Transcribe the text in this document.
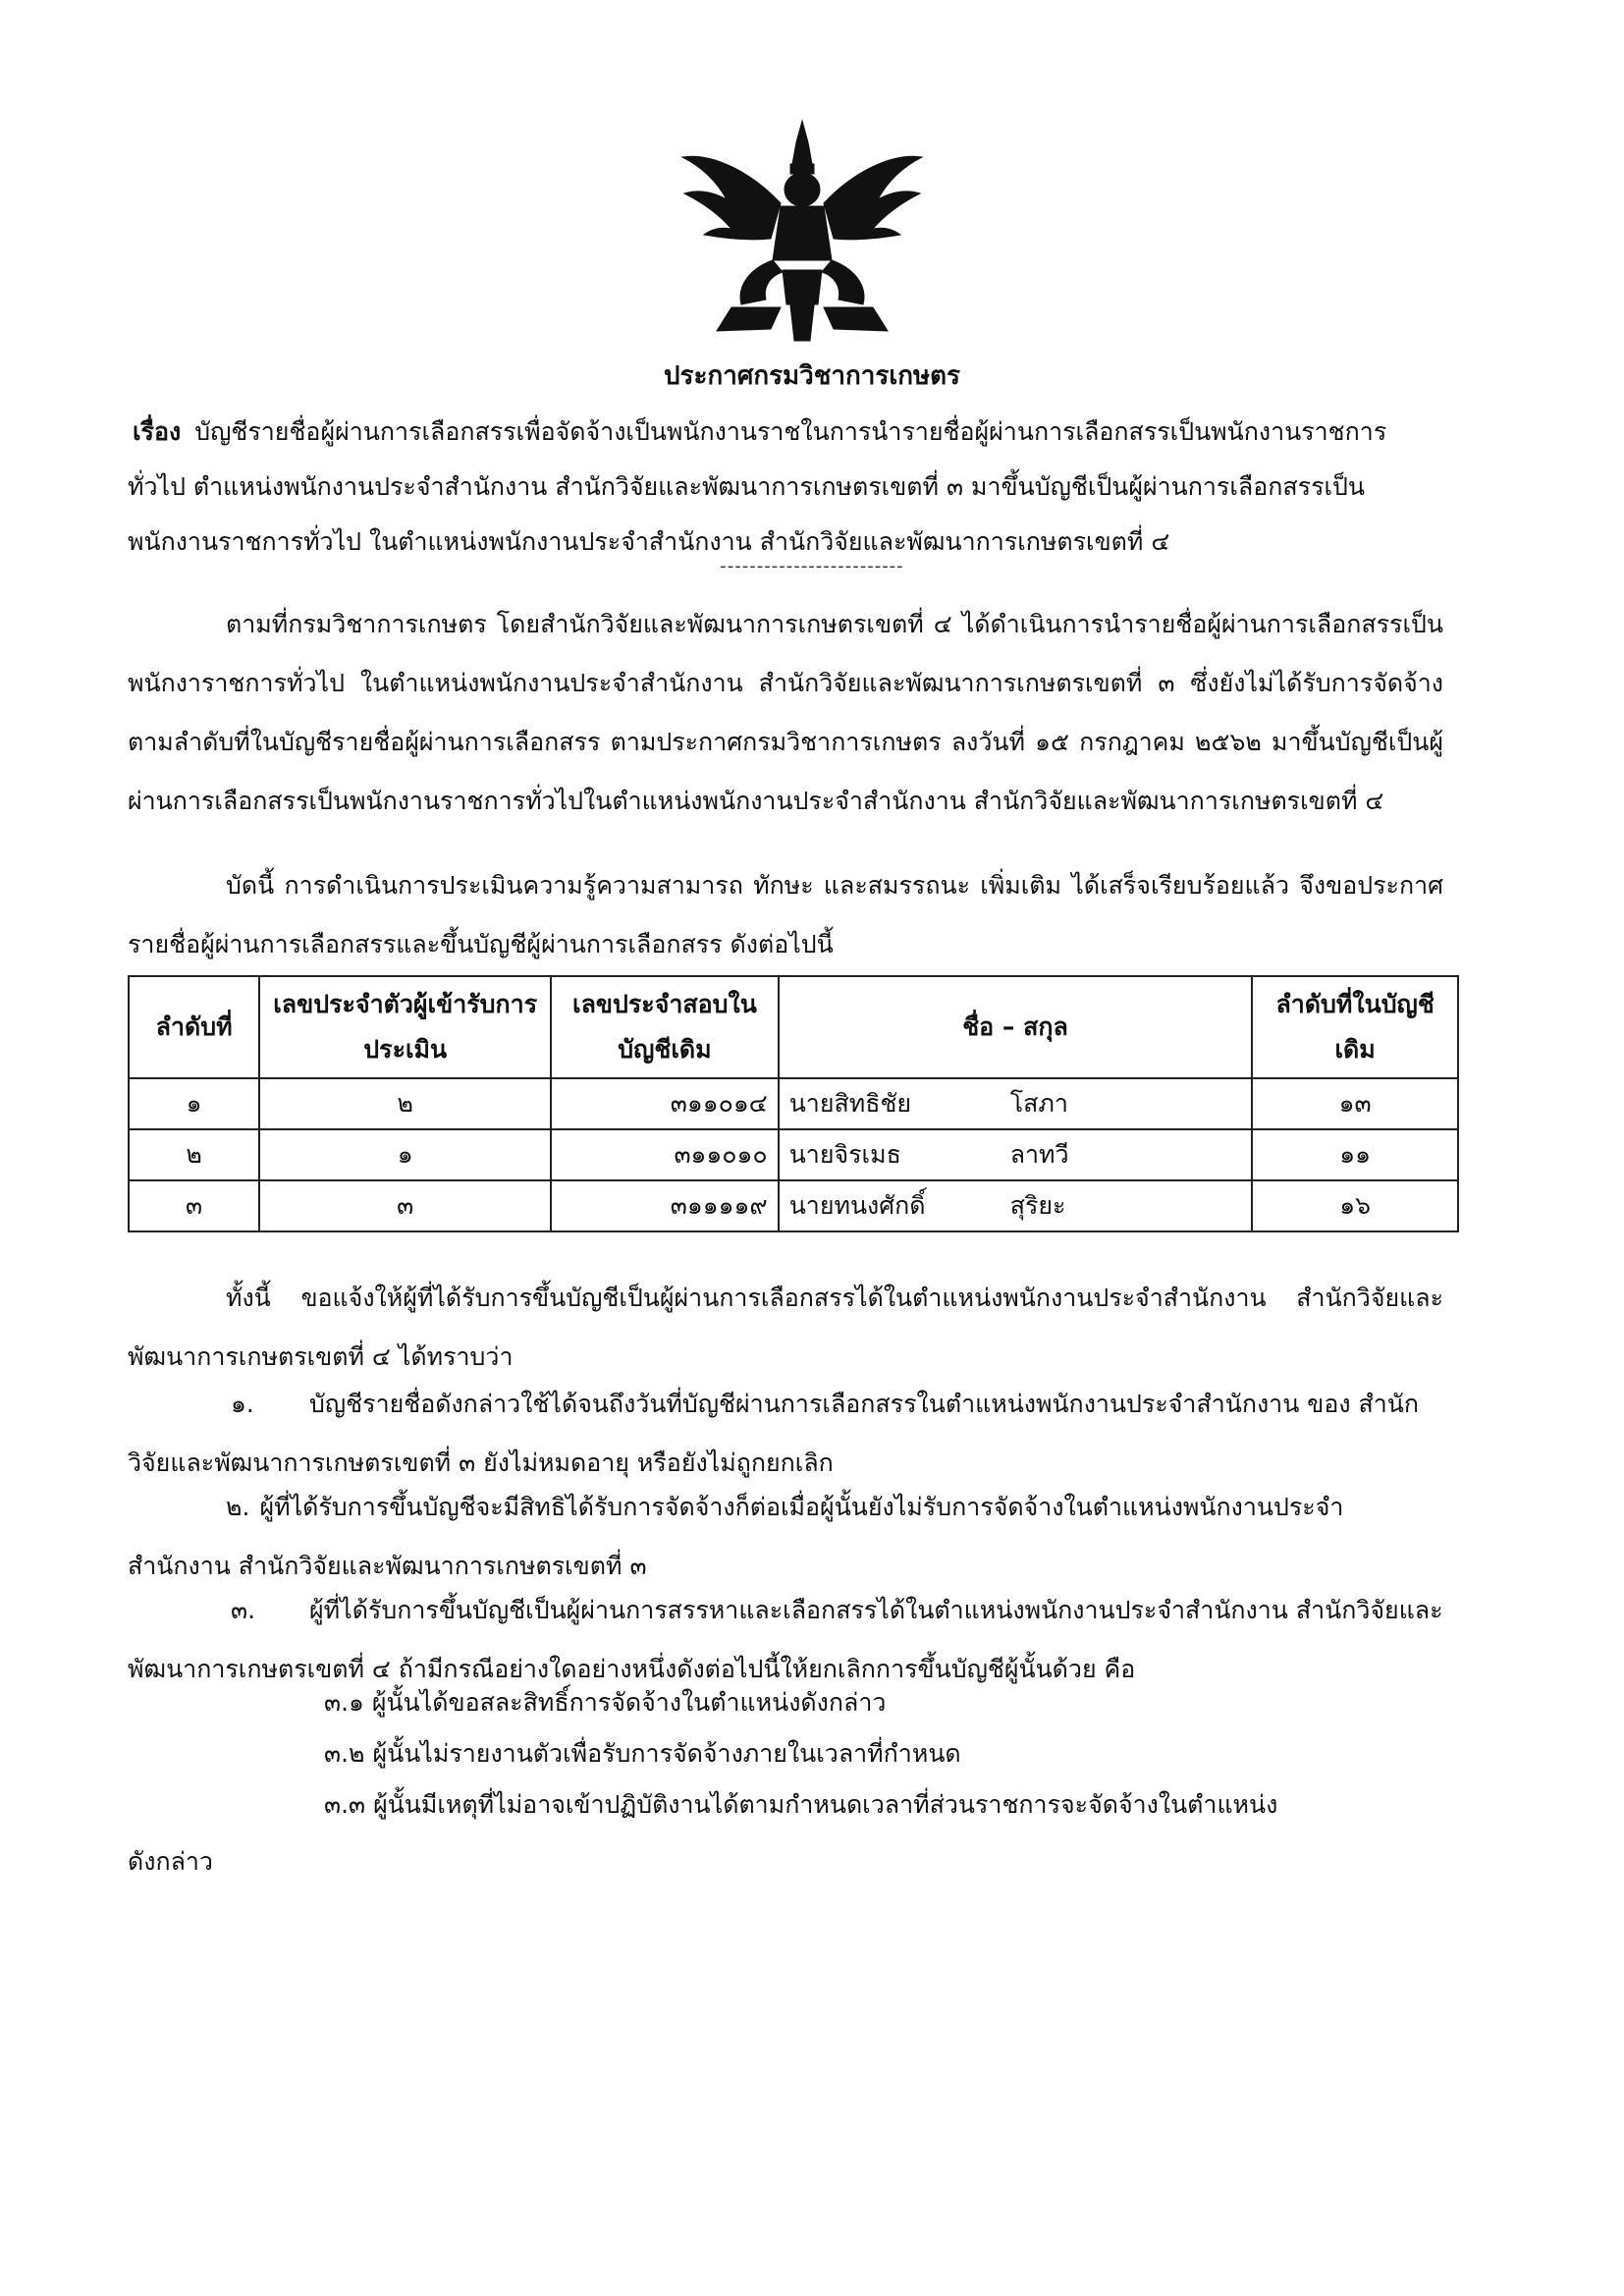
ประกาศกรมวิชาการเกษตร
เรื่อง บัญชีรายชื่อผู้ผ่านการเลือกสรรเพื่อจัดจ้างเป็นพนักงานราชในการนำรายชื่อผู้ผ่านการเลือกสรรเป็นพนักงานราชการทั่วไป ตำแหน่งพนักงานประจำสำนักงาน สำนักวิจัยและพัฒนาการเกษตรเขตที่ ๓ มาขึ้นบัญชีเป็นผู้ผ่านการเลือกสรรเป็นพนักงานราชการทั่วไป ในตำแหน่งพนักงานประจำสำนักงาน สำนักวิจัยและพัฒนาการเกษตรเขตที่ ๔
-------------------------
ตามที่กรมวิชาการเกษตร โดยสำนักวิจัยและพัฒนาการเกษตรเขตที่ ๔ ได้ดำเนินการนำรายชื่อผู้ผ่านการเลือกสรรเป็นพนักงาราชการทั่วไป ในตำแหน่งพนักงานประจำสำนักงาน สำนักวิจัยและพัฒนาการเกษตรเขตที่ ๓ ซึ่งยังไม่ได้รับการจัดจ้างตามลำดับที่ในบัญชีรายชื่อผู้ผ่านการเลือกสรร ตามประกาศกรมวิชาการเกษตร ลงวันที่ ๑๕ กรกฎาคม ๒๕๖๒ มาขึ้นบัญชีเป็นผู้ผ่านการเลือกสรรเป็นพนักงานราชการทั่วไปในตำแหน่งพนักงานประจำสำนักงาน สำนักวิจัยและพัฒนาการเกษตรเขตที่ ๔
บัดนี้ การดำเนินการประเมินความรู้ความสามารถ ทักษะ และสมรรถนะ เพิ่มเติม ได้เสร็จเรียบร้อยแล้ว จึงขอประกาศรายชื่อผู้ผ่านการเลือกสรรและขึ้นบัญชีผู้ผ่านการเลือกสรร ดังต่อไปนี้
ลำดับที่	เลขประจำตัวผู้เข้ารับการประเมิน	เลขประจำสอบในบัญชีเดิม	ชื่อ – สกุล	ลำดับที่ในบัญชีเดิม
๑	๒	๓๑๑๐๑๔	นายสิทธิชัย โสภา	๑๓
๒	๑	๓๑๑๐๑๐	นายจิรเมธ ลาทวี	๑๑
๓	๓	๓๑๑๑๑๙	นายทนงศักดิ์ สุริยะ	๑๖
ทั้งนี้ ขอแจ้งให้ผู้ที่ได้รับการขึ้นบัญชีเป็นผู้ผ่านการเลือกสรรได้ในตำแหน่งพนักงานประจำสำนักงาน สำนักวิจัยและพัฒนาการเกษตรเขตที่ ๔ ได้ทราบว่า
๑. บัญชีรายชื่อดังกล่าวใช้ได้จนถึงวันที่บัญชีผ่านการเลือกสรรในตำแหน่งพนักงานประจำสำนักงาน ของ สำนักวิจัยและพัฒนาการเกษตรเขตที่ ๓ ยังไม่หมดอายุ หรือยังไม่ถูกยกเลิก
๒. ผู้ที่ได้รับการขึ้นบัญชีจะมีสิทธิได้รับการจัดจ้างก็ต่อเมื่อผู้นั้นยังไม่รับการจัดจ้างในตำแหน่งพนักงานประจำสำนักงาน สำนักวิจัยและพัฒนาการเกษตรเขตที่ ๓
๓. ผู้ที่ได้รับการขึ้นบัญชีเป็นผู้ผ่านการสรรหาและเลือกสรรได้ในตำแหน่งพนักงานประจำสำนักงาน สำนักวิจัยและพัฒนาการเกษตรเขตที่ ๔ ถ้ามีกรณีอย่างใดอย่างหนึ่งดังต่อไปนี้ให้ยกเลิกการขึ้นบัญชีผู้นั้นด้วย คือ
๓.๑ ผู้นั้นได้ขอสละสิทธิ์การจัดจ้างในตำแหน่งดังกล่าว
๓.๒ ผู้นั้นไม่รายงานตัวเพื่อรับการจัดจ้างภายในเวลาที่กำหนด
๓.๓ ผู้นั้นมีเหตุที่ไม่อาจเข้าปฏิบัติงานได้ตามกำหนดเวลาที่ส่วนราชการจะจัดจ้างในตำแหน่ง
ดังกล่าว
